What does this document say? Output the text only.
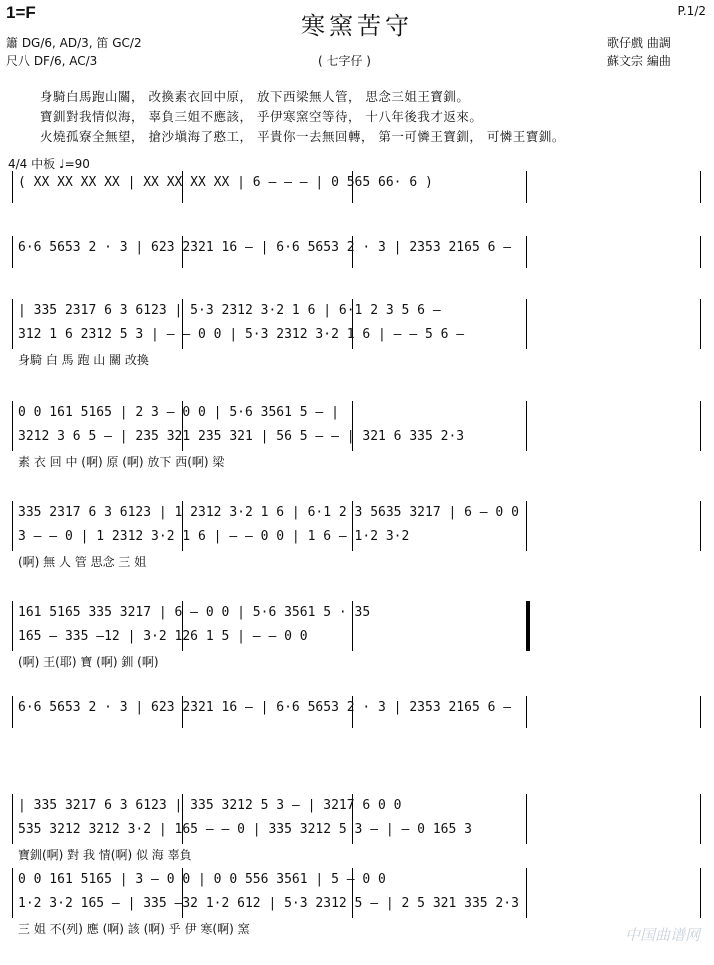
1=F	寒窯苦守
P.1/2
簫 DG/6, AD/3, 笛 GC/2
尺八 DF/6, AC/3	( 七字仔 )
歌仔戲 曲調
蘇文宗 編曲
身騎白馬跑山關， 改換素衣回中原， 放下西梁無人管， 思念三姐王寶釧。
寶釧對我情似海， 辜負三姐不應該， 乎伊寒窯空等待， 十八年後我才返來。
火燒孤寮全無望， 搶沙塡海了憨工， 平貴你一去無回轉， 第一可憐王寶釧， 可憐王寶釧。
4/4 中板 ♩=90
( XX XX XX XX | XX XX XX XX | 6 – – – | 0 565 66· 6 )
6·6 5653 2 · 3 | 623 2321 16 – | 6·6 5653 2 · 3 | 2353 2165 6 –
| 335 2317 6 3 6123 | 5·3 2312 3·2 1 6 | 6·1 2 3 5 6 –
312 1 6 2312 5 3 | – – 0 0 | 5·3 2312 3·2 1 6 | – – 5 6 –
身騎 白 馬 跑 山 關 改換
0 0 161 5165 | 2 3 – 0 0 | 5·6 3561 5 – |
3212 3 6 5 – | 235 321 235 321 | 56 5 – – | 321 6 335 2·3
素 衣 回 中 (啊) 原 (啊) 放下 西(啊) 梁
335 2317 6 3 6123 | 1 2312 3·2 1 6 | 6·1 2 3 5635 3217 | 6 – 0 0
3 – – 0 | 1 2312 3·2 1 6 | – – 0 0 | 1 6 – 1·2 3·2
(啊) 無 人 管 思念 三 姐
161 5165 335 3217 | 6 – 0 0 | 5·6 3561 5 · 35
165 – 335 –12 | 3·2 126 1 5 | – – 0 0
(啊) 王(耶) 寶 (啊) 釧 (啊)
6·6 5653 2 · 3 | 623 2321 16 – | 6·6 5653 2 · 3 | 2353 2165 6 –
| 335 3217 6 3 6123 | 335 3212 5 3 – | 3217 6 0 0
535 3212 3212 3·2 | 165 – – 0 | 335 3212 5 3 – | – 0 165 3
寶釧(啊) 對 我 情(啊) 似 海 辜負
0 0 161 5165 | 3 – 0 0 | 0 0 556 3561 | 5 – 0 0
1·2 3·2 165 – | 335 –32 1·2 612 | 5·3 2312 5 – | 2 5 321 335 2·3
三 姐 不(列) 應 (啊) 該 (啊) 乎 伊 寒(啊) 窯	中国曲谱网
